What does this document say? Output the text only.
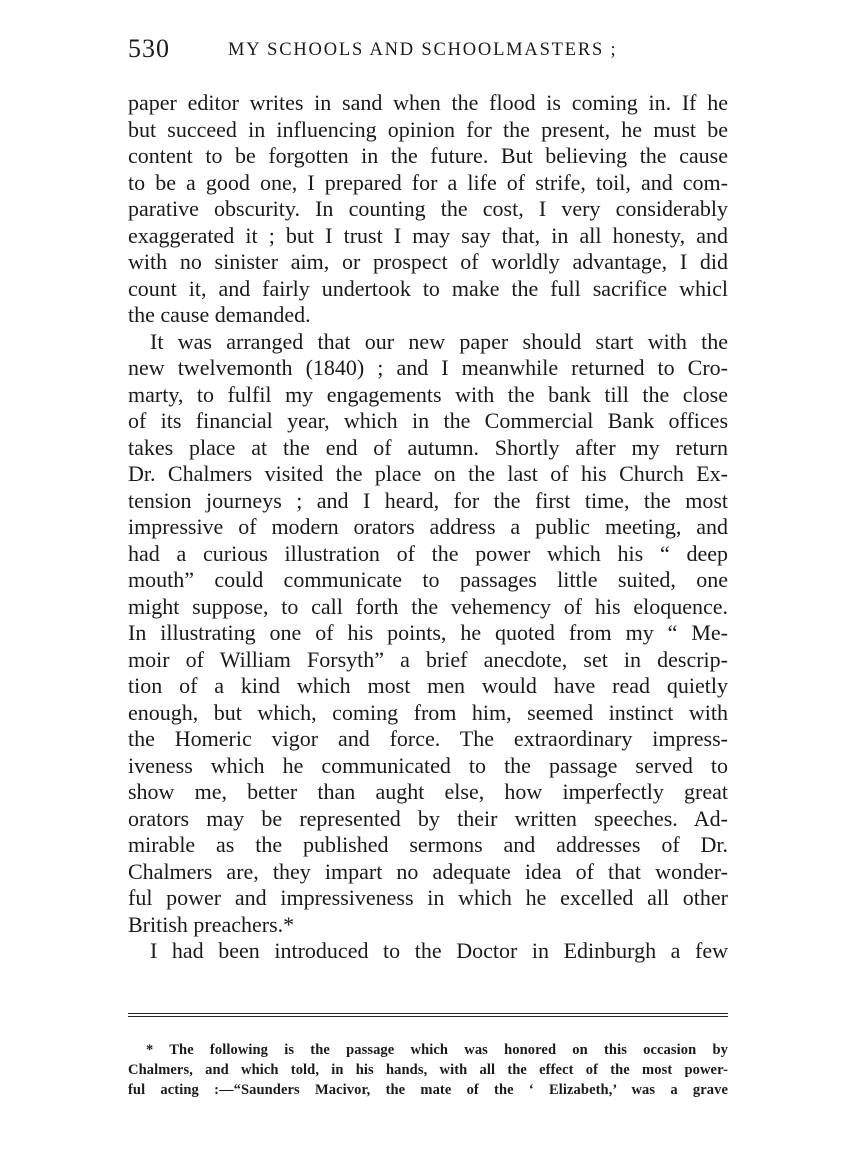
530	MY SCHOOLS AND SCHOOLMASTERS ;
paper editor writes in sand when the flood is coming in. If he
but succeed in influencing opinion for the present, he must be
content to be forgotten in the future. But believing the cause
to be a good one, I prepared for a life of strife, toil, and com-
parative obscurity. In counting the cost, I very considerably
exaggerated it ; but I trust I may say that, in all honesty, and
with no sinister aim, or prospect of worldly advantage, I did
count it, and fairly undertook to make the full sacrifice whicl
the cause demanded.
It was arranged that our new paper should start with the
new twelvemonth (1840) ; and I meanwhile returned to Cro-
marty, to fulfil my engagements with the bank till the close
of its financial year, which in the Commercial Bank offices
takes place at the end of autumn. Shortly after my return
Dr. Chalmers visited the place on the last of his Church Ex-
tension journeys ; and I heard, for the first time, the most
impressive of modern orators address a public meeting, and
had a curious illustration of the power which his “ deep
mouth” could communicate to passages little suited, one
might suppose, to call forth the vehemency of his eloquence.
In illustrating one of his points, he quoted from my “ Me-
moir of William Forsyth” a brief anecdote, set in descrip-
tion of a kind which most men would have read quietly
enough, but which, coming from him, seemed instinct with
the Homeric vigor and force. The extraordinary impress-
iveness which he communicated to the passage served to
show me, better than aught else, how imperfectly great
orators may be represented by their written speeches. Ad-
mirable as the published sermons and addresses of Dr.
Chalmers are, they impart no adequate idea of that wonder-
ful power and impressiveness in which he excelled all other
British preachers.*
I had been introduced to the Doctor in Edinburgh a few
* The following is the passage which was honored on this occasion by
Chalmers, and which told, in his hands, with all the effect of the most power-
ful acting :—“Saunders Macivor, the mate of the ‘ Elizabeth,’ was a grave
